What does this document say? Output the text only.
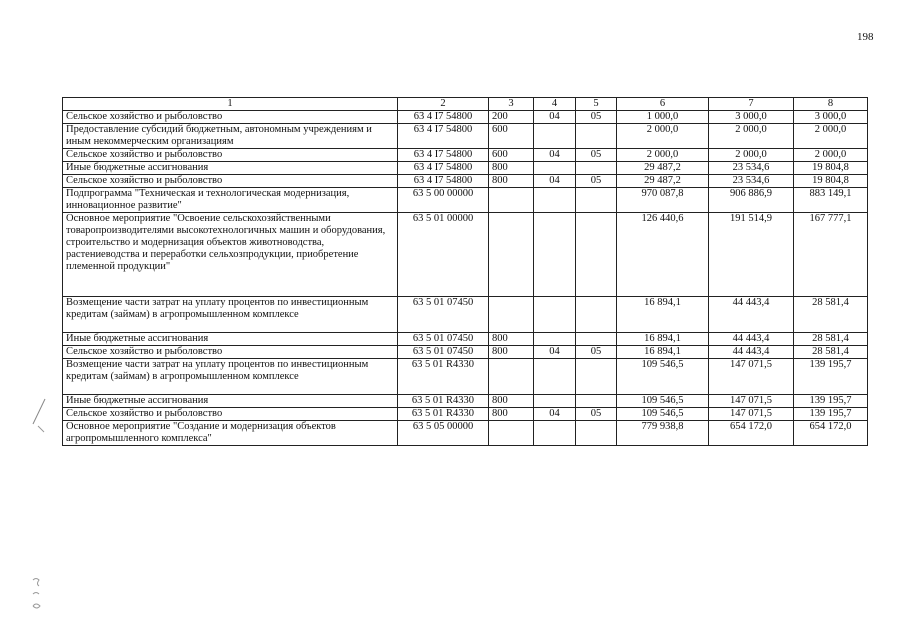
198
1	2	3	4	5	6	7	8
Сельское хозяйство и рыболовство	63 4 I7 54800	200	04	05	1 000,0	3 000,0	3 000,0
Предоставление субсидий бюджетным, автономным учреждениям и иным некоммерческим организациям	63 4 I7 54800	600			2 000,0	2 000,0	2 000,0
Сельское хозяйство и рыболовство	63 4 I7 54800	600	04	05	2 000,0	2 000,0	2 000,0
Иные бюджетные ассигнования	63 4 I7 54800	800			29 487,2	23 534,6	19 804,8
Сельское хозяйство и рыболовство	63 4 I7 54800	800	04	05	29 487,2	23 534,6	19 804,8
Подпрограмма "Техническая и технологическая модернизация, инновационное развитие"	63 5 00 00000				970 087,8	906 886,9	883 149,1
Основное мероприятие "Освоение сельскохозяйственными товаропроизводителями высокотехнологичных машин и оборудования, строительство и модернизация объектов животноводства, растениеводства и переработки сельхозпродукции, приобретение племенной продукции"	63 5 01 00000				126 440,6	191 514,9	167 777,1
Возмещение части затрат на уплату процентов по инвестиционным кредитам (займам) в агропромышленном комплексе	63 5 01 07450				16 894,1	44 443,4	28 581,4
Иные бюджетные ассигнования	63 5 01 07450	800			16 894,1	44 443,4	28 581,4
Сельское хозяйство и рыболовство	63 5 01 07450	800	04	05	16 894,1	44 443,4	28 581,4
Возмещение части затрат на уплату процентов по инвестиционным кредитам (займам) в агропромышленном комплексе	63 5 01 R4330				109 546,5	147 071,5	139 195,7
Иные бюджетные ассигнования	63 5 01 R4330	800			109 546,5	147 071,5	139 195,7
Сельское хозяйство и рыболовство	63 5 01 R4330	800	04	05	109 546,5	147 071,5	139 195,7
Основное мероприятие "Создание и модернизация объектов агропромышленного комплекса"	63 5 05 00000				779 938,8	654 172,0	654 172,0
